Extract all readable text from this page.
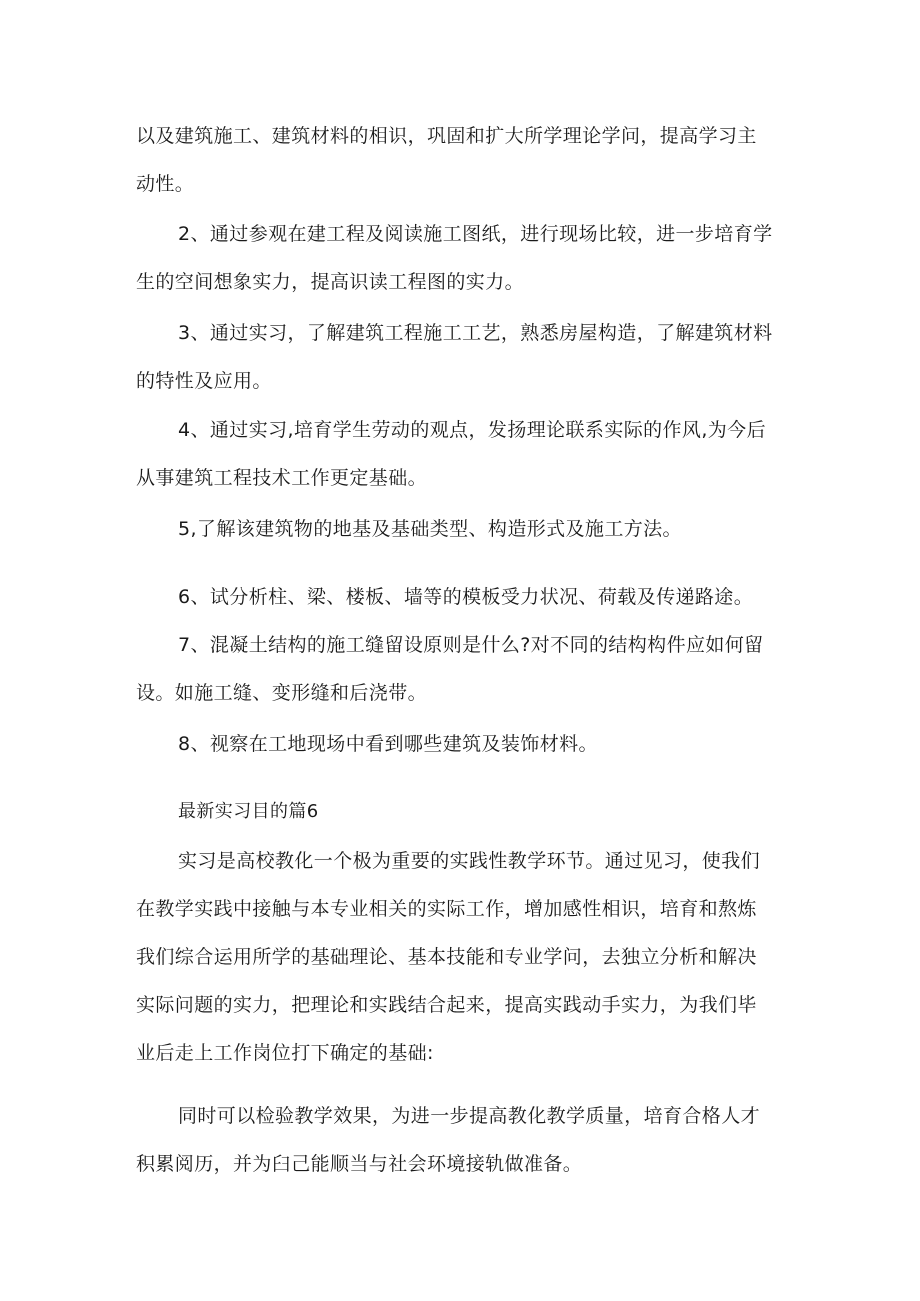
以及建筑施工、建筑材料的相识，巩固和扩大所学理论学问，提高学习主
动性。
2、通过参观在建工程及阅读施工图纸，进行现场比较，进一步培育学
生的空间想象实力，提高识读工程图的实力。
3、通过实习，了解建筑工程施工工艺，熟悉房屋构造，了解建筑材料
的特性及应用。
4、通过实习,培育学生劳动的观点，发扬理论联系实际的作风,为今后
从事建筑工程技术工作更定基础。
5,了解该建筑物的地基及基础类型、构造形式及施工方法。
6、试分析柱、梁、楼板、墙等的模板受力状况、荷载及传递路途。
7、混凝土结构的施工缝留设原则是什么?对不同的结构构件应如何留
设。如施工缝、变形缝和后浇带。
8、视察在工地现场中看到哪些建筑及装饰材料。
最新实习目的篇6
实习是高校教化一个极为重要的实践性教学环节。通过见习，使我们
在教学实践中接触与本专业相关的实际工作，增加感性相识，培育和熬炼
我们综合运用所学的基础理论、基本技能和专业学问，去独立分析和解决
实际问题的实力，把理论和实践结合起来，提高实践动手实力，为我们毕
业后走上工作岗位打下确定的基础:
同时可以检验教学效果，为进一步提高教化教学质量，培育合格人才
积累阅历，并为臼己能顺当与社会环境接轨做准备。
